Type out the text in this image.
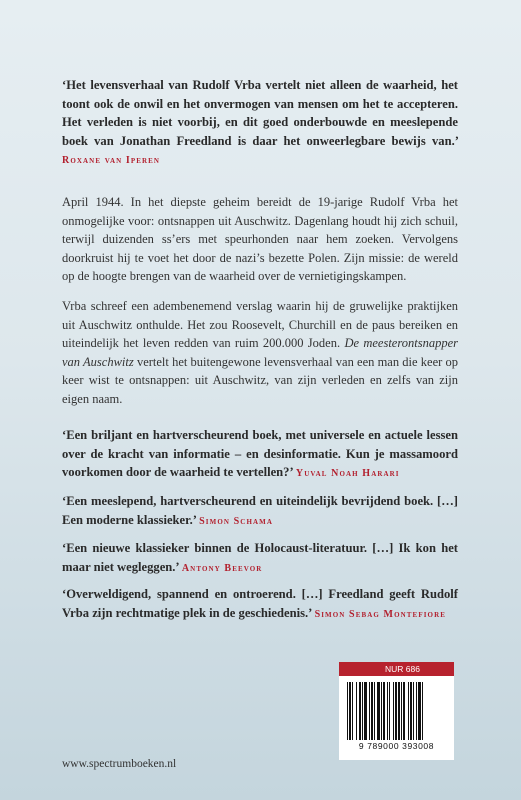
‘Het levensverhaal van Rudolf Vrba vertelt niet alleen de waarheid, het toont ook de onwil en het onvermogen van mensen om het te accepteren. Het verleden is niet voorbij, en dit goed onderbouwde en meeslepende boek van Jonathan Freedland is daar het onweerlegbare bewijs van.’ Roxane van Iperen
April 1944. In het diepste geheim bereidt de 19-jarige Rudolf Vrba het onmogelijke voor: ontsnappen uit Auschwitz. Dagenlang houdt hij zich schuil, terwijl duizenden ss’ers met speurhonden naar hem zoeken. Vervolgens doorkruist hij te voet het door de nazi’s bezette Polen. Zijn missie: de wereld op de hoogte brengen van de waarheid over de vernietigingskampen.
Vrba schreef een adembenemend verslag waarin hij de gruwelijke praktijken uit Auschwitz onthulde. Het zou Roosevelt, Churchill en de paus bereiken en uiteindelijk het leven redden van ruim 200.000 Joden. De meesterontsnapper van Auschwitz vertelt het buitengewone levensverhaal van een man die keer op keer wist te ontsnappen: uit Auschwitz, van zijn verleden en zelfs van zijn eigen naam.
‘Een briljant en hartverscheurend boek, met universele en actuele lessen over de kracht van informatie – en desinformatie. Kun je massamoord voorkomen door de waarheid te vertellen?’ Yuval Noah Harari
‘Een meeslepend, hartverscheurend en uiteindelijk bevrijdend boek. […] Een moderne klassieker.’ Simon Schama
‘Een nieuwe klassieker binnen de Holocaust-literatuur. […] Ik kon het maar niet wegleggen.’ Antony Beevor
‘Overweldigend, spannend en ontroerend. […] Freedland geeft Rudolf Vrba zijn rechtmatige plek in de geschiedenis.’ Simon Sebag Montefiore
NUR 686
9 789000 393008
www.spectrumboeken.nl
